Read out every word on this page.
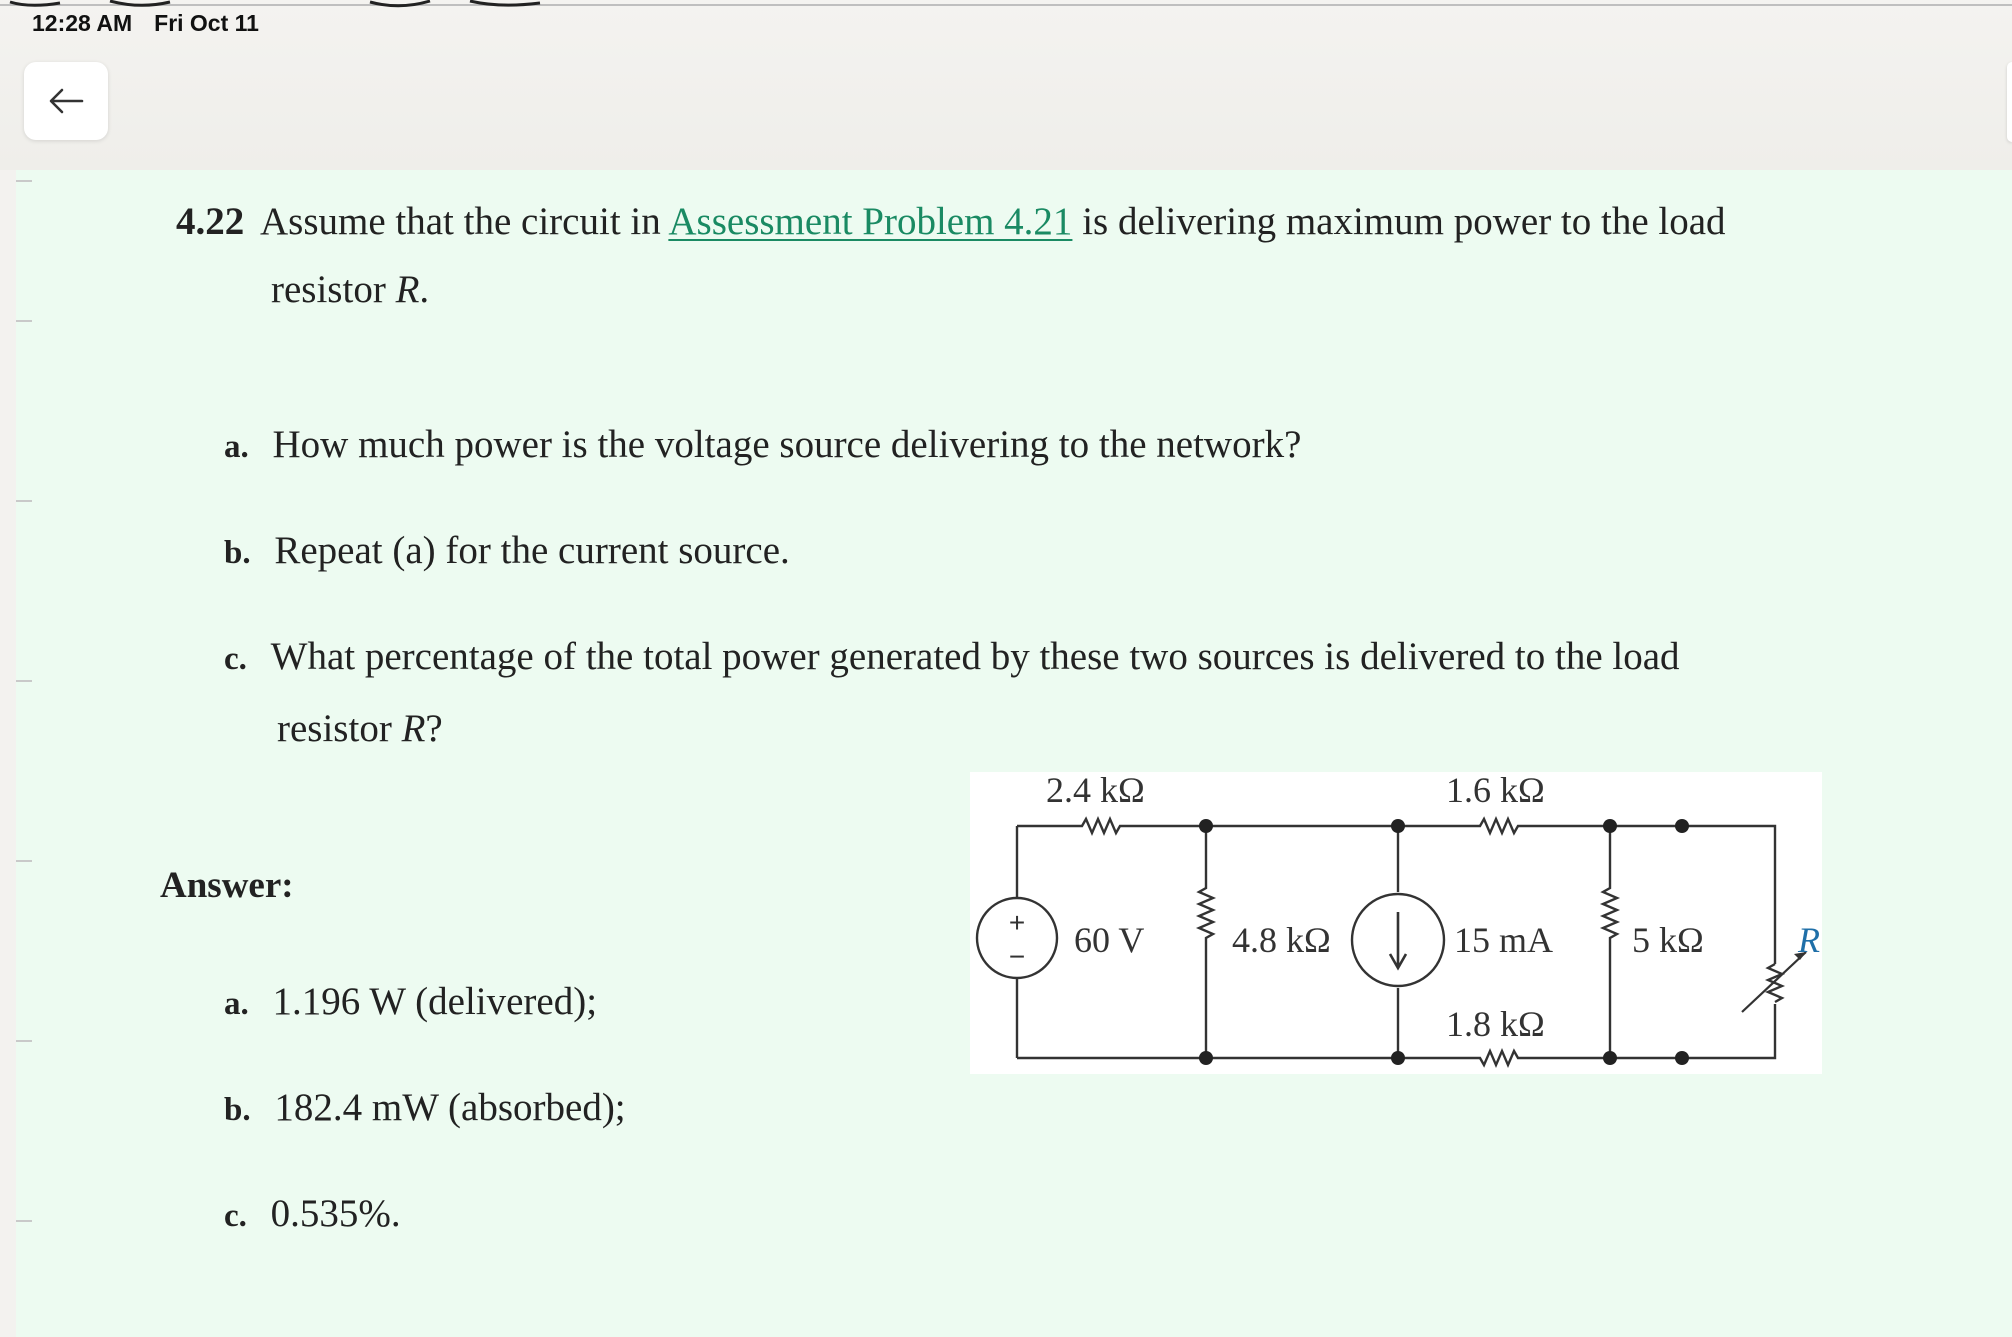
12:28 AM Fri Oct 11
4.22 Assume that the circuit in Assessment Problem 4.21 is delivering maximum power to the load
resistor R.
a. How much power is the voltage source delivering to the network?
b. Repeat (a) for the current source.
c. What percentage of the total power generated by these two sources is delivered to the load
resistor R?
Answer:
a. 1.196 W (delivered);
b. 182.4 mW (absorbed);
c. 0.535%.
+
−
2.4 kΩ	1.6 kΩ
60 V 4.8 kΩ	15 mA
1.8 kΩ
5 kΩ	R
